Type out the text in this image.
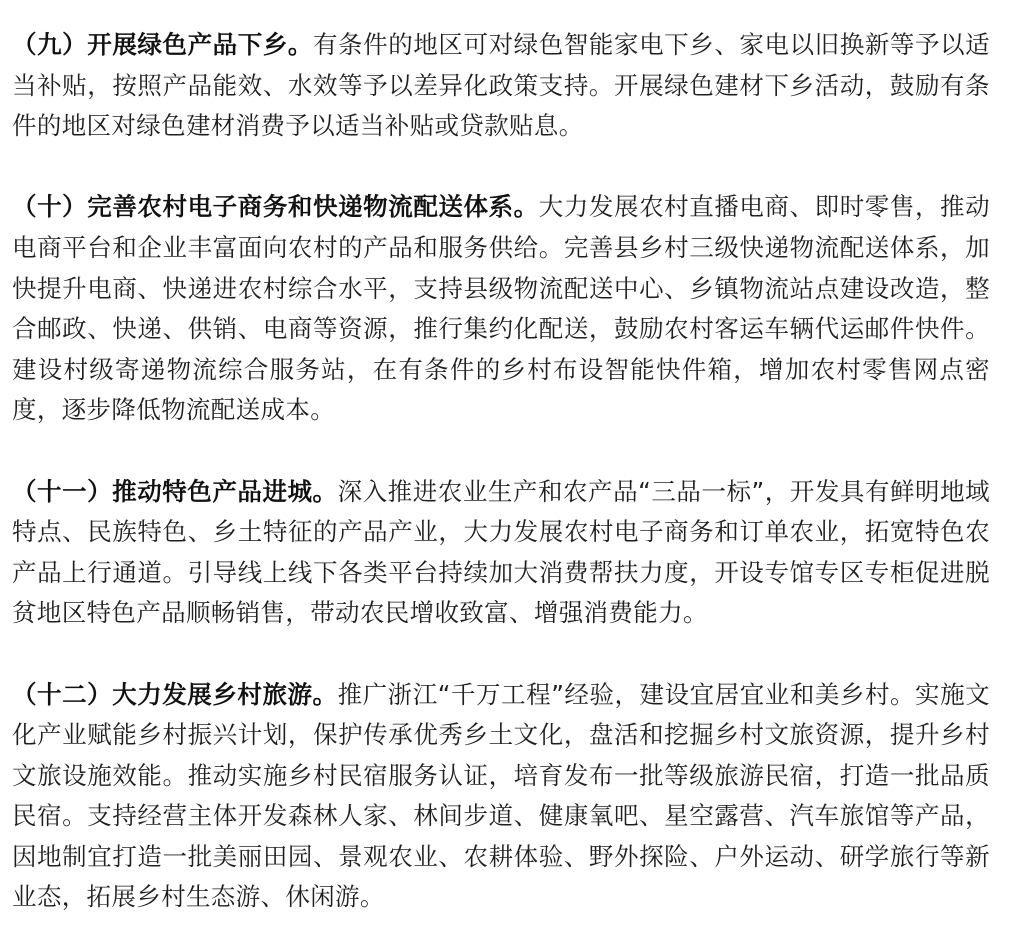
（九）开展绿色产品下乡。有条件的地区可对绿色智能家电下乡、家电以旧换新等予以适当补贴，按照产品能效、水效等予以差异化政策支持。开展绿色建材下乡活动，鼓励有条件的地区对绿色建材消费予以适当补贴或贷款贴息。

（十）完善农村电子商务和快递物流配送体系。大力发展农村直播电商、即时零售，推动电商平台和企业丰富面向农村的产品和服务供给。完善县乡村三级快递物流配送体系，加快提升电商、快递进农村综合水平，支持县级物流配送中心、乡镇物流站点建设改造，整合邮政、快递、供销、电商等资源，推行集约化配送，鼓励农村客运车辆代运邮件快件。建设村级寄递物流综合服务站，在有条件的乡村布设智能快件箱，增加农村零售网点密度，逐步降低物流配送成本。

（十一）推动特色产品进城。深入推进农业生产和农产品“三品一标”，开发具有鲜明地域特点、民族特色、乡土特征的产品产业，大力发展农村电子商务和订单农业，拓宽特色农产品上行通道。引导线上线下各类平台持续加大消费帮扶力度，开设专馆专区专柜促进脱贫地区特色产品顺畅销售，带动农民增收致富、增强消费能力。

（十二）大力发展乡村旅游。推广浙江“千万工程”经验，建设宜居宜业和美乡村。实施文化产业赋能乡村振兴计划，保护传承优秀乡土文化，盘活和挖掘乡村文旅资源，提升乡村文旅设施效能。推动实施乡村民宿服务认证，培育发布一批等级旅游民宿，打造一批品质民宿。支持经营主体开发森林人家、林间步道、健康氧吧、星空露营、汽车旅馆等产品，因地制宜打造一批美丽田园、景观农业、农耕体验、野外探险、户外运动、研学旅行等新业态，拓展乡村生态游、休闲游。
